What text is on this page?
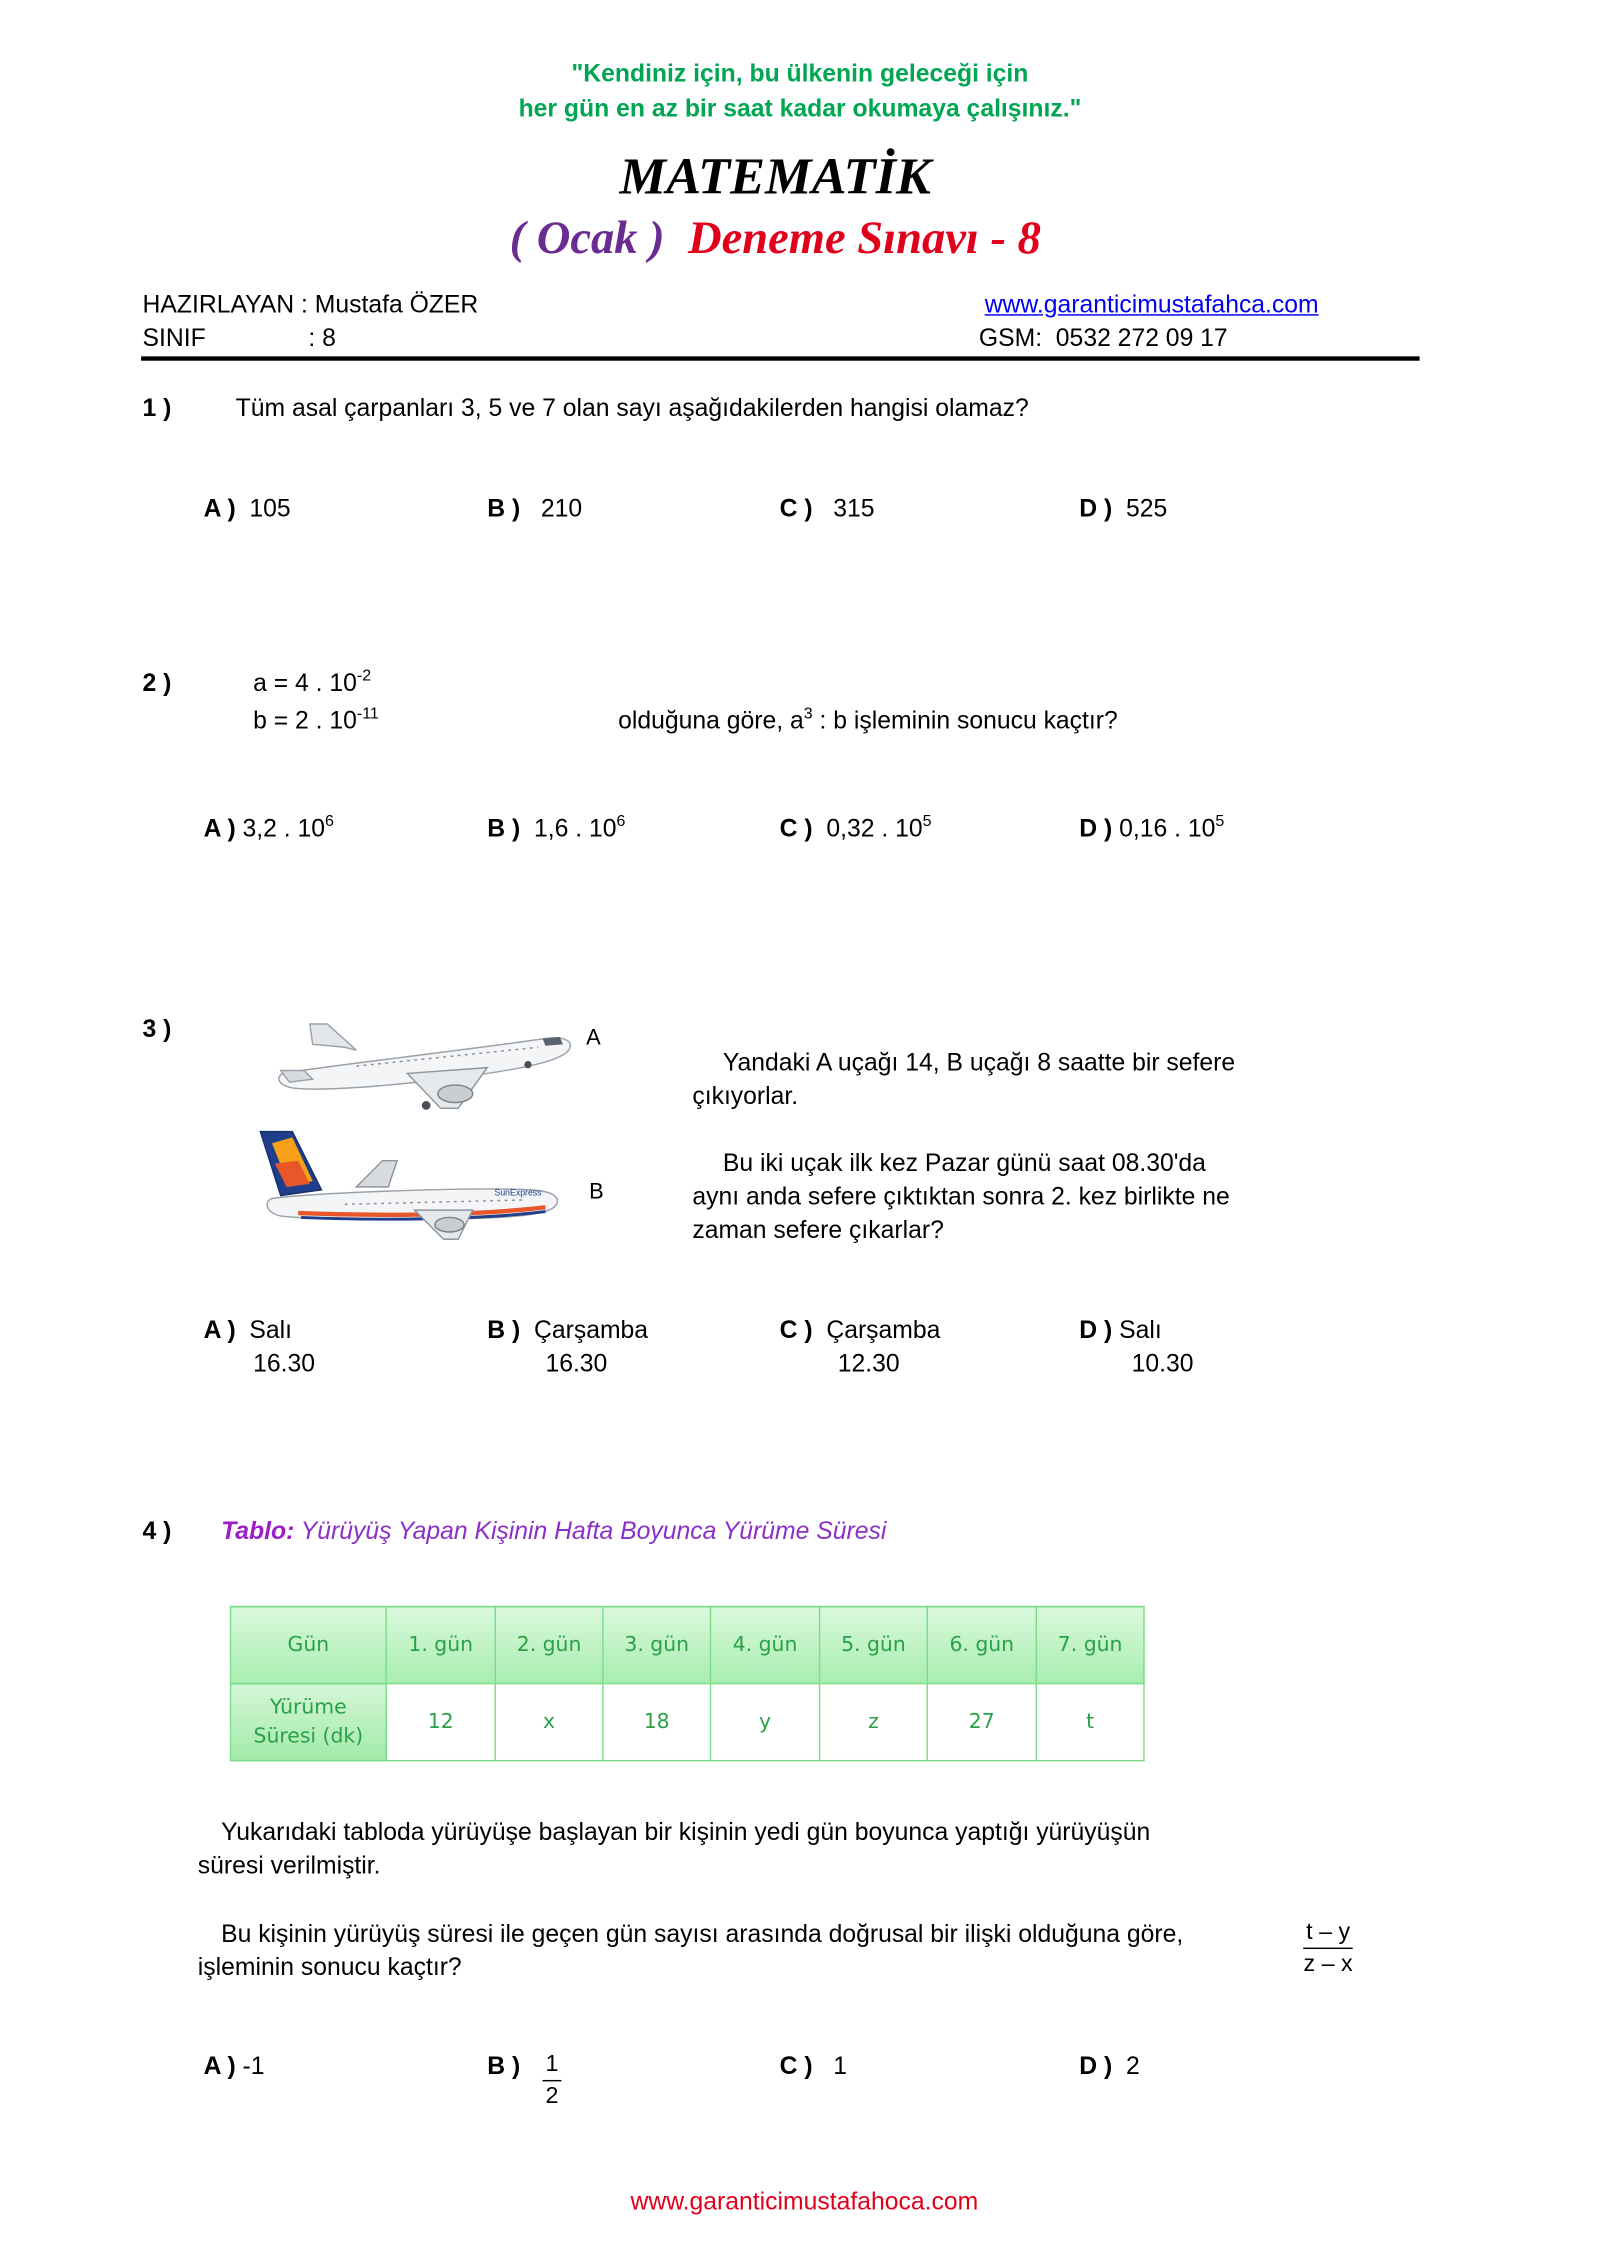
"Kendiniz için, bu ülkenin geleceği için
her gün en az bir saat kadar okumaya çalışınız."
MATEMATİK
( Ocak ) Deneme Sınavı - 8
HAZIRLAYAN : Mustafa ÖZER
SINIF	: 8
www.garanticimustafahca.com
GSM:  0532 272 09 17
1 )	Tüm asal çarpanları 3, 5 ve 7 olan sayı aşağıdakilerden hangisi olamaz?
A ) 105	B ) 210	C ) 315	D ) 525
2 )	a = 4 . $10^{-2}$
b = 2 . $10^{-11}$	olduğuna göre, $a^3$ : b işleminin sonucu kaçtır?
A ) 3,2 . $10^6$	B ) 1,6 . $10^6$	C ) 0,32 . $10^5$	D ) 0,16 . $10^5$
3 )	A
SunExpress	B
Yandaki A uçağı 14, B uçağı 8 saatte bir sefere
çıkıyorlar.
Bu iki uçak ilk kez Pazar günü saat 08.30'da
aynı anda sefere çıktıktan sonra 2. kez birlikte ne
zaman sefere çıkarlar?
A ) Salı
16.30
B ) Çarşamba
16.30
C ) Çarşamba
12.30
D ) Salı
10.30
4 )	Tablo: Yürüyüş Yapan Kişinin Hafta Boyunca Yürüme Süresi
Gün	1. gün	2. gün	3. gün	4. gün	5. gün	6. gün	7. gün

Yürüme
Süresi (dk)	12	x	18	y	z	27	t
Yukarıdaki tabloda yürüyüşe başlayan bir kişinin yedi gün boyunca yaptığı yürüyüşün
süresi verilmiştir.
Bu kişinin yürüyüş süresi ile geçen gün sayısı arasında doğrusal bir ilişki olduğuna göre,
işleminin sonucu kaçtır?	$\frac{t - y}{z - x}$
A ) -1	B ) $\frac{1}{2}$	C ) 1	D ) 2
www.garanticimustafahoca.com
